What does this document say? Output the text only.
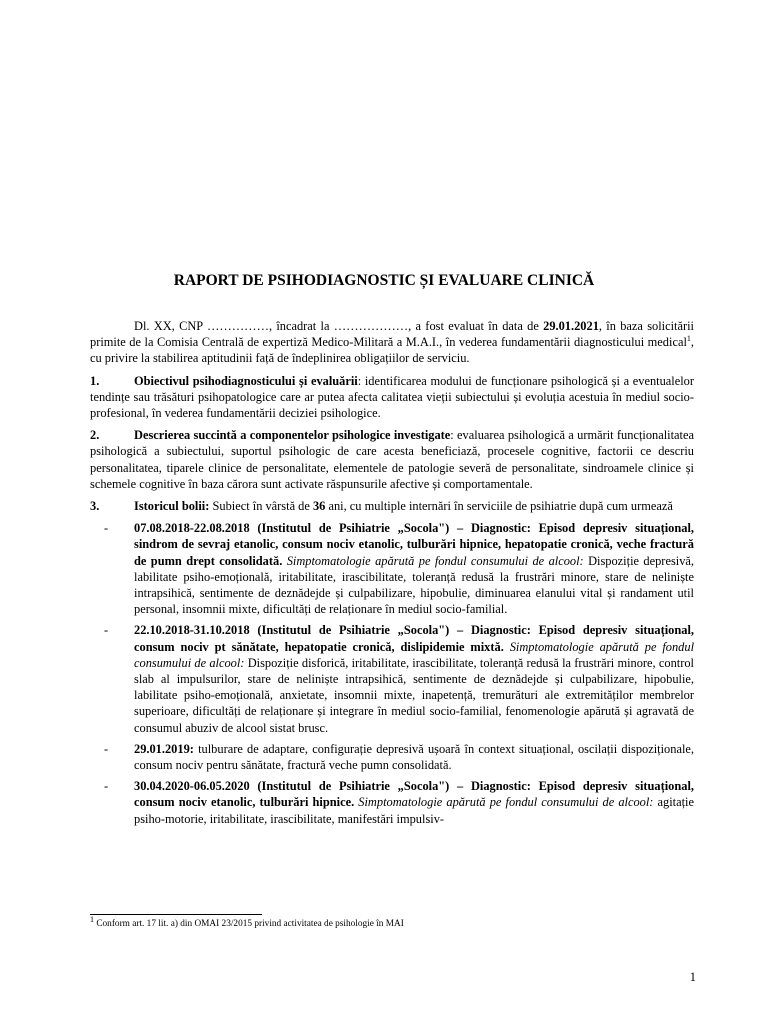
RAPORT DE PSIHODIAGNOSTIC ȘI EVALUARE CLINICĂ

Dl. XX, CNP ……………, încadrat la ………………, a fost evaluat în data de 29.01.2021, în baza solicitării primite de la Comisia Centrală de expertiză Medico-Militară a M.A.I., în vederea fundamentării diagnosticului medical$^1$, cu privire la stabilirea aptitudinii față de îndeplinirea obligațiilor de serviciu.

1.	Obiectivul psihodiagnosticului și evaluării: identificarea modului de funcționare psihologică și a eventualelor tendințe sau trăsături psihopatologice care ar putea afecta calitatea vieții subiectului și evoluția acestuia în mediul socio-profesional, în vederea fundamentării deciziei psihologice.

2.	Descrierea succintă a componentelor psihologice investigate: evaluarea psihologică a urmărit funcționalitatea psihologică a subiectului, suportul psihologic de care acesta beneficiază, procesele cognitive, factorii ce descriu personalitatea, tiparele clinice de personalitate, elementele de patologie severă de personalitate, sindroamele clinice și schemele cognitive în baza cărora sunt activate răspunsurile afective și comportamentale.

3.	Istoricul bolii: Subiect în vârstă de 36 ani, cu multiple internări în serviciile de psihiatrie după cum urmează

- 07.08.2018-22.08.2018 (Institutul de Psihiatrie „Socola") – Diagnostic: Episod depresiv situațional, sindrom de sevraj etanolic, consum nociv etanolic, tulburări hipnice, hepatopatie cronică, veche fractură de pumn drept consolidată. Simptomatologie apărută pe fondul consumului de alcool: Dispoziție depresivă, labilitate psiho-emoțională, iritabilitate, irascibilitate, toleranță redusă la frustrări minore, stare de neliniște intrapsihică, sentimente de deznădejde și culpabilizare, hipobulie, diminuarea elanului vital și randament util personal, insomnii mixte, dificultăți de relaționare în mediul socio-familial.
- 22.10.2018-31.10.2018 (Institutul de Psihiatrie „Socola") – Diagnostic: Episod depresiv situațional, consum nociv pt sănătate, hepatopatie cronică, dislipidemie mixtă. Simptomatologie apărută pe fondul consumului de alcool: Dispoziție disforică, iritabilitate, irascibilitate, toleranță redusă la frustrări minore, control slab al impulsurilor, stare de neliniște intrapsihică, sentimente de deznădejde și culpabilizare, hipobulie, labilitate psiho-emoțională, anxietate, insomnii mixte, inapetență, tremurături ale extremităților membrelor superioare, dificultăți de relaționare și integrare în mediul socio-familial, fenomenologie apărută și agravată de consumul abuziv de alcool sistat brusc.
- 29.01.2019: tulburare de adaptare, configurație depresivă ușoară în context situațional, oscilații dispoziționale, consum nociv pentru sănătate, fractură veche pumn consolidată.
- 30.04.2020-06.05.2020 (Institutul de Psihiatrie „Socola") – Diagnostic: Episod depresiv situațional, consum nociv etanolic, tulburări hipnice. Simptomatologie apărută pe fondul consumului de alcool: agitație psiho-motorie, iritabilitate, irascibilitate, manifestări impulsiv-
$^1$ Conform art. 17 lit. a) din OMAI 23/2015 privind activitatea de psihologie în MAI
1
